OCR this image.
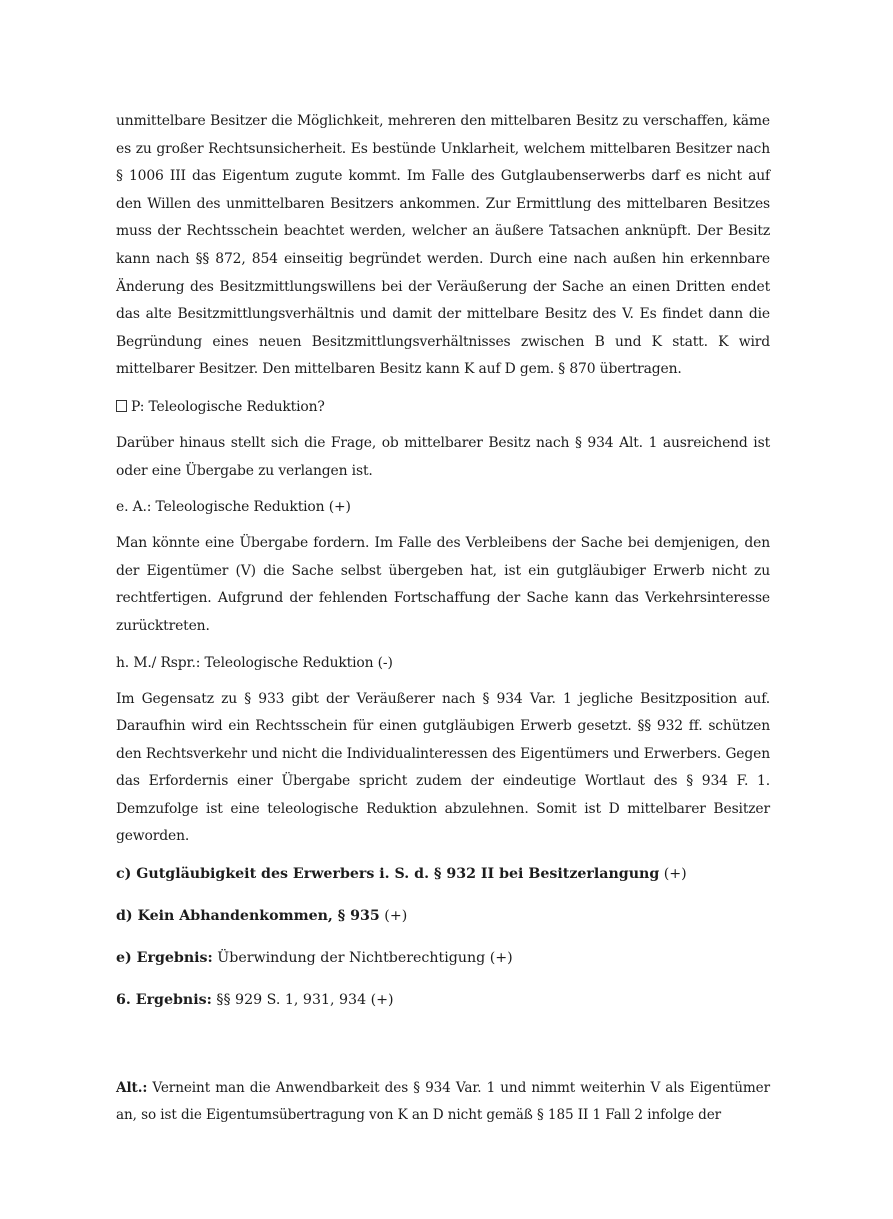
unmittelbare Besitzer die Möglichkeit, mehreren den mittelbaren Besitz zu verschaffen, käme es zu großer Rechtsunsicherheit. Es bestünde Unklarheit, welchem mittelbaren Besitzer nach § 1006 III das Eigentum zugute kommt. Im Falle des Gutglaubenserwerbs darf es nicht auf den Willen des unmittelbaren Besitzers ankommen. Zur Ermittlung des mittelbaren Besitzes muss der Rechtsschein beachtet werden, welcher an äußere Tatsachen anknüpft. Der Besitz kann nach §§ 872, 854 einseitig begründet werden. Durch eine nach außen hin erkennbare Änderung des Besitzmittlungswillens bei der Veräußerung der Sache an einen Dritten endet das alte Besitzmittlungsverhältnis und damit der mittelbare Besitz des V. Es findet dann die Begründung eines neuen Besitzmittlungsverhältnisses zwischen B und K statt. K wird mittelbarer Besitzer. Den mittelbaren Besitz kann K auf D gem. § 870 übertragen.

P: Teleologische Reduktion?

Darüber hinaus stellt sich die Frage, ob mittelbarer Besitz nach § 934 Alt. 1 ausreichend ist oder eine Übergabe zu verlangen ist.

e. A.: Teleologische Reduktion (+)

Man könnte eine Übergabe fordern. Im Falle des Verbleibens der Sache bei demjenigen, den der Eigentümer (V) die Sache selbst übergeben hat, ist ein gutgläubiger Erwerb nicht zu rechtfertigen. Aufgrund der fehlenden Fortschaffung der Sache kann das Verkehrsinteresse zurücktreten.

h. M./ Rspr.: Teleologische Reduktion (-)

Im Gegensatz zu § 933 gibt der Veräußerer nach § 934 Var. 1 jegliche Besitzposition auf. Daraufhin wird ein Rechtsschein für einen gutgläubigen Erwerb gesetzt. §§ 932 ff. schützen den Rechtsverkehr und nicht die Individualinteressen des Eigentümers und Erwerbers. Gegen das Erfordernis einer Übergabe spricht zudem der eindeutige Wortlaut des § 934 F. 1. Demzufolge ist eine teleologische Reduktion abzulehnen. Somit ist D mittelbarer Besitzer geworden.

c) Gutgläubigkeit des Erwerbers i. S. d. § 932 II bei Besitzerlangung (+)

d) Kein Abhandenkommen, § 935 (+)

e) Ergebnis: Überwindung der Nichtberechtigung (+)

6. Ergebnis: §§ 929 S. 1, 931, 934 (+)

Alt.: Verneint man die Anwendbarkeit des § 934 Var. 1 und nimmt weiterhin V als Eigentümer an, so ist die Eigentumsübertragung von K an D nicht gemäß § 185 II 1 Fall 2 infolge der
